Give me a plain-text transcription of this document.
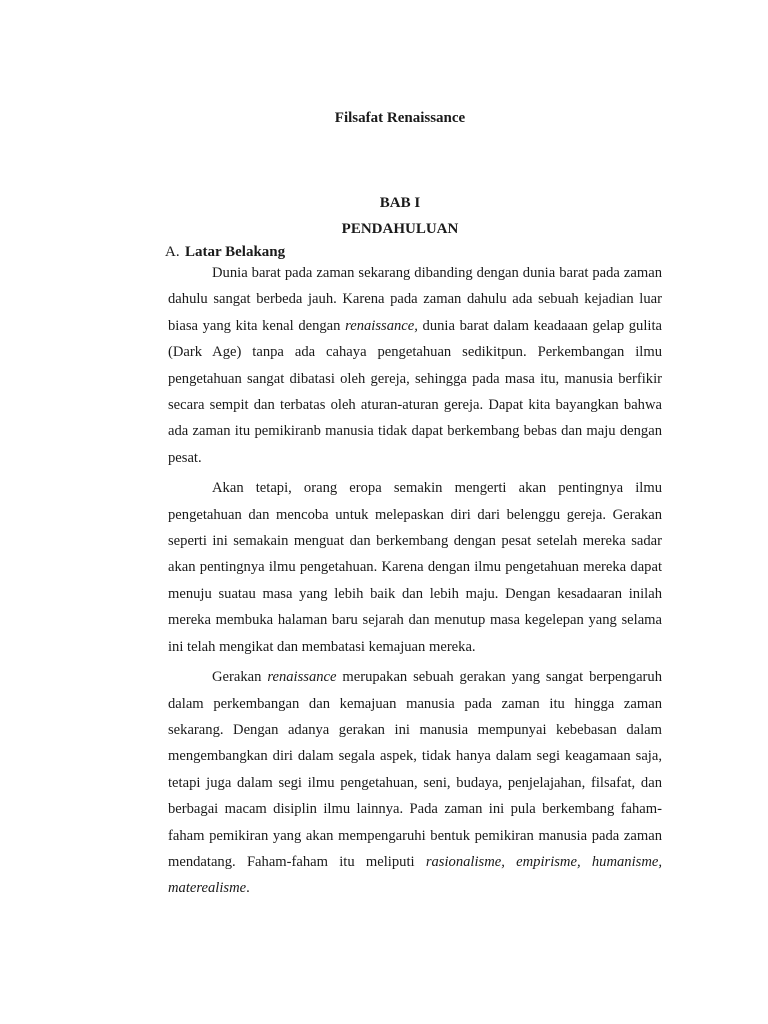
Filsafat Renaissance
BAB I
PENDAHULUAN
A. Latar Belakang

Dunia barat pada zaman sekarang dibanding dengan dunia barat pada zaman dahulu sangat berbeda jauh. Karena pada zaman dahulu ada sebuah kejadian luar biasa yang kita kenal dengan renaissance, dunia barat dalam keadaaan gelap gulita (Dark Age) tanpa ada cahaya pengetahuan sedikitpun. Perkembangan ilmu pengetahuan sangat dibatasi oleh gereja, sehingga pada masa itu, manusia berfikir secara sempit dan terbatas oleh aturan-aturan gereja. Dapat kita bayangkan bahwa ada zaman itu pemikiranb manusia tidak dapat berkembang bebas dan maju dengan pesat.

Akan tetapi, orang eropa semakin mengerti akan pentingnya ilmu pengetahuan dan mencoba untuk melepaskan diri dari belenggu gereja. Gerakan seperti ini semakain menguat dan berkembang dengan pesat setelah mereka sadar akan pentingnya ilmu pengetahuan. Karena dengan ilmu pengetahuan mereka dapat menuju suatau masa yang lebih baik dan lebih maju. Dengan kesadaaran inilah mereka membuka halaman baru sejarah dan menutup masa kegelepan yang selama ini telah mengikat dan membatasi kemajuan mereka.

Gerakan renaissance merupakan sebuah gerakan yang sangat berpengaruh dalam perkembangan dan kemajuan manusia pada zaman itu hingga zaman sekarang. Dengan adanya gerakan ini manusia mempunyai kebebasan dalam mengembangkan diri dalam segala aspek, tidak hanya dalam segi keagamaan saja, tetapi juga dalam segi ilmu pengetahuan, seni, budaya, penjelajahan, filsafat, dan berbagai macam disiplin ilmu lainnya. Pada zaman ini pula berkembang faham-faham pemikiran yang akan mempengaruhi bentuk pemikiran manusia pada zaman mendatang. Faham-faham itu meliputi rasionalisme, empirisme, humanisme, materealisme.
